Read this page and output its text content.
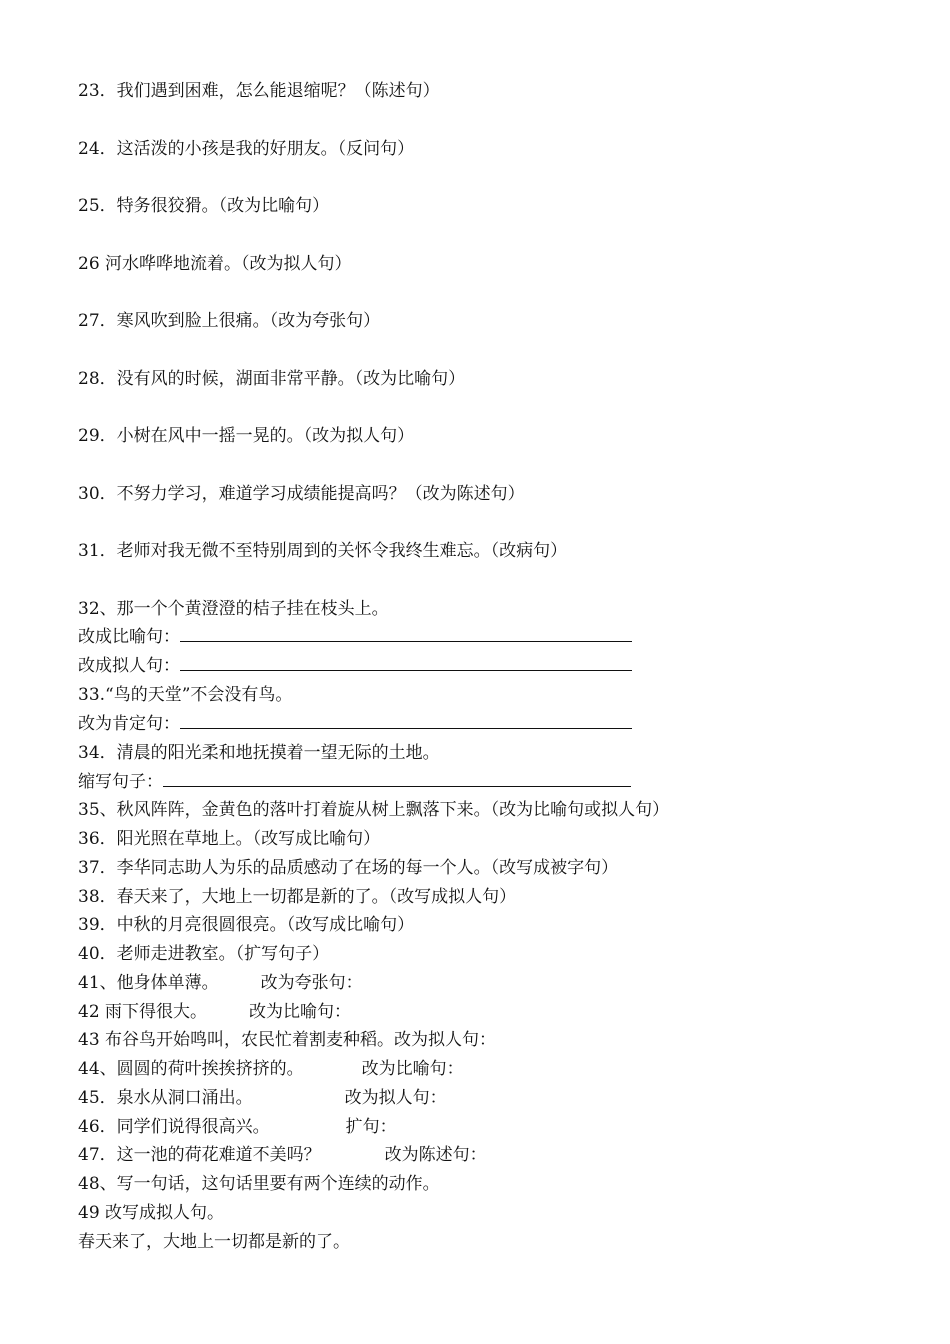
23．我们遇到困难，怎么能退缩呢？（陈述句）
24．这活泼的小孩是我的好朋友。（反问句）
25．特务很狡猾。（改为比喻句）
26 河水哗哗地流着。（改为拟人句）
27．寒风吹到脸上很痛。（改为夸张句）
28．没有风的时候，湖面非常平静。（改为比喻句）
29．小树在风中一摇一晃的。（改为拟人句）
30．不努力学习，难道学习成绩能提高吗？（改为陈述句）
31．老师对我无微不至特别周到的关怀令我终生难忘。（改病句）
32、那一个个黄澄澄的桔子挂在枝头上。
改成比喻句：
改成拟人句：
33.“鸟的天堂”不会没有鸟。
改为肯定句：
34．清晨的阳光柔和地抚摸着一望无际的土地。
缩写句子：
35、秋风阵阵，金黄色的落叶打着旋从树上飘落下来。（改为比喻句或拟人句）
36．阳光照在草地上。（改写成比喻句）
37．李华同志助人为乐的品质感动了在场的每一个人。（改写成被字句）
38．春天来了，大地上一切都是新的了。（改写成拟人句）
39．中秋的月亮很圆很亮。（改写成比喻句）
40．老师走进教室。（扩写句子）
41、他身体单薄。 改为夸张句：
42 雨下得很大。 改为比喻句：
43 布谷鸟开始鸣叫，农民忙着割麦种稻。改为拟人句：
44、圆圆的荷叶挨挨挤挤的。	改为比喻句：
45．泉水从洞口涌出。	改为拟人句：
46．同学们说得很高兴。	扩句：
47．这一池的荷花难道不美吗？	改为陈述句：
48、写一句话，这句话里要有两个连续的动作。
49 改写成拟人句。
春天来了，大地上一切都是新的了。
